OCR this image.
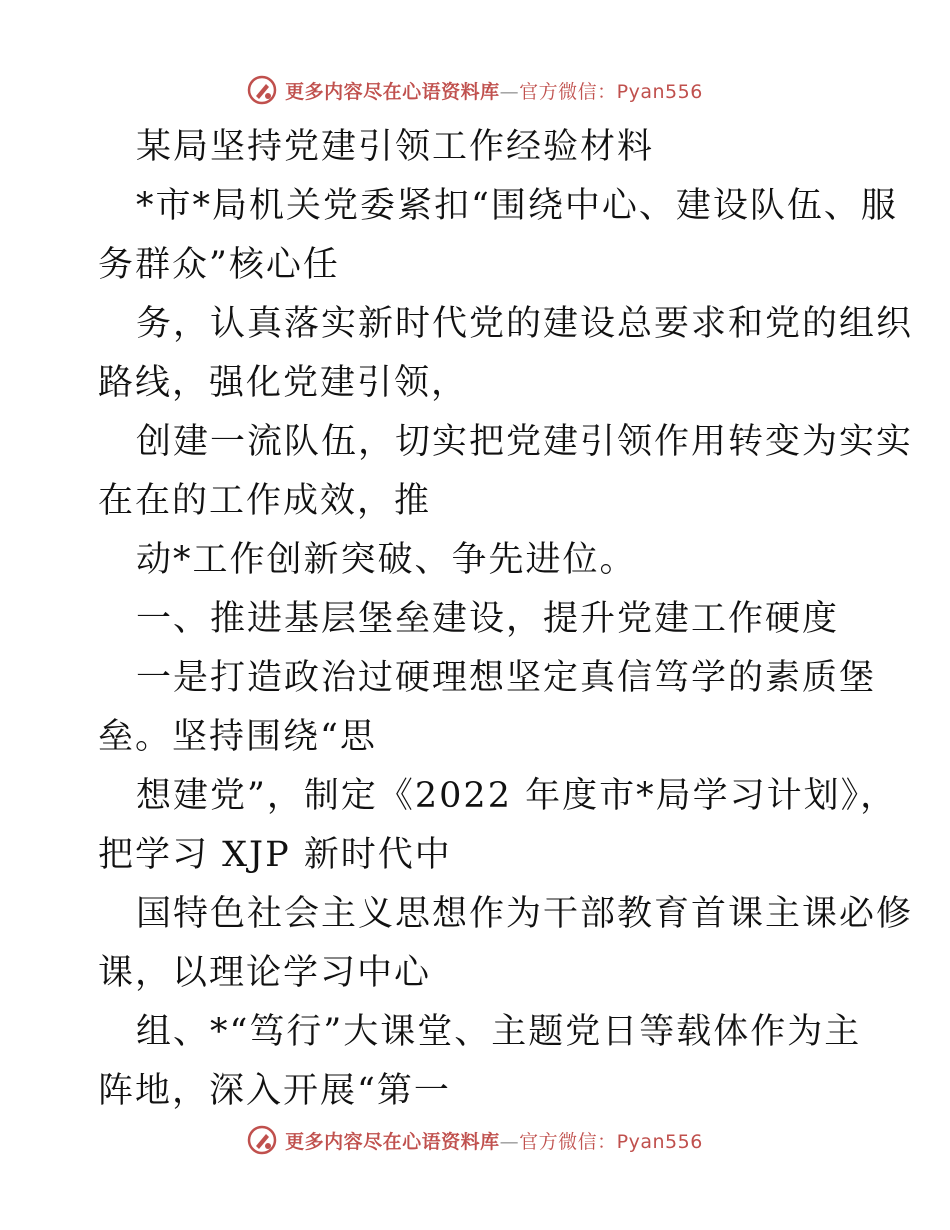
更多内容尽在心语资料库—官方微信：Pyan556
某局坚持党建引领工作经验材料
*市*局机关党委紧扣“围绕中心、建设队伍、服
务群众”核心任
务，认真落实新时代党的建设总要求和党的组织
路线，强化党建引领，
创建一流队伍，切实把党建引领作用转变为实实
在在的工作成效，推
动*工作创新突破、争先进位。
一、推进基层堡垒建设，提升党建工作硬度
一是打造政治过硬理想坚定真信笃学的素质堡
垒。坚持围绕“思
想建党”，制定《2022 年度市*局学习计划》，
把学习 XJP 新时代中
国特色社会主义思想作为干部教育首课主课必修
课，以理论学习中心
组、*“笃行”大课堂、主题党日等载体作为主
阵地，深入开展“第一
更多内容尽在心语资料库—官方微信：Pyan556
